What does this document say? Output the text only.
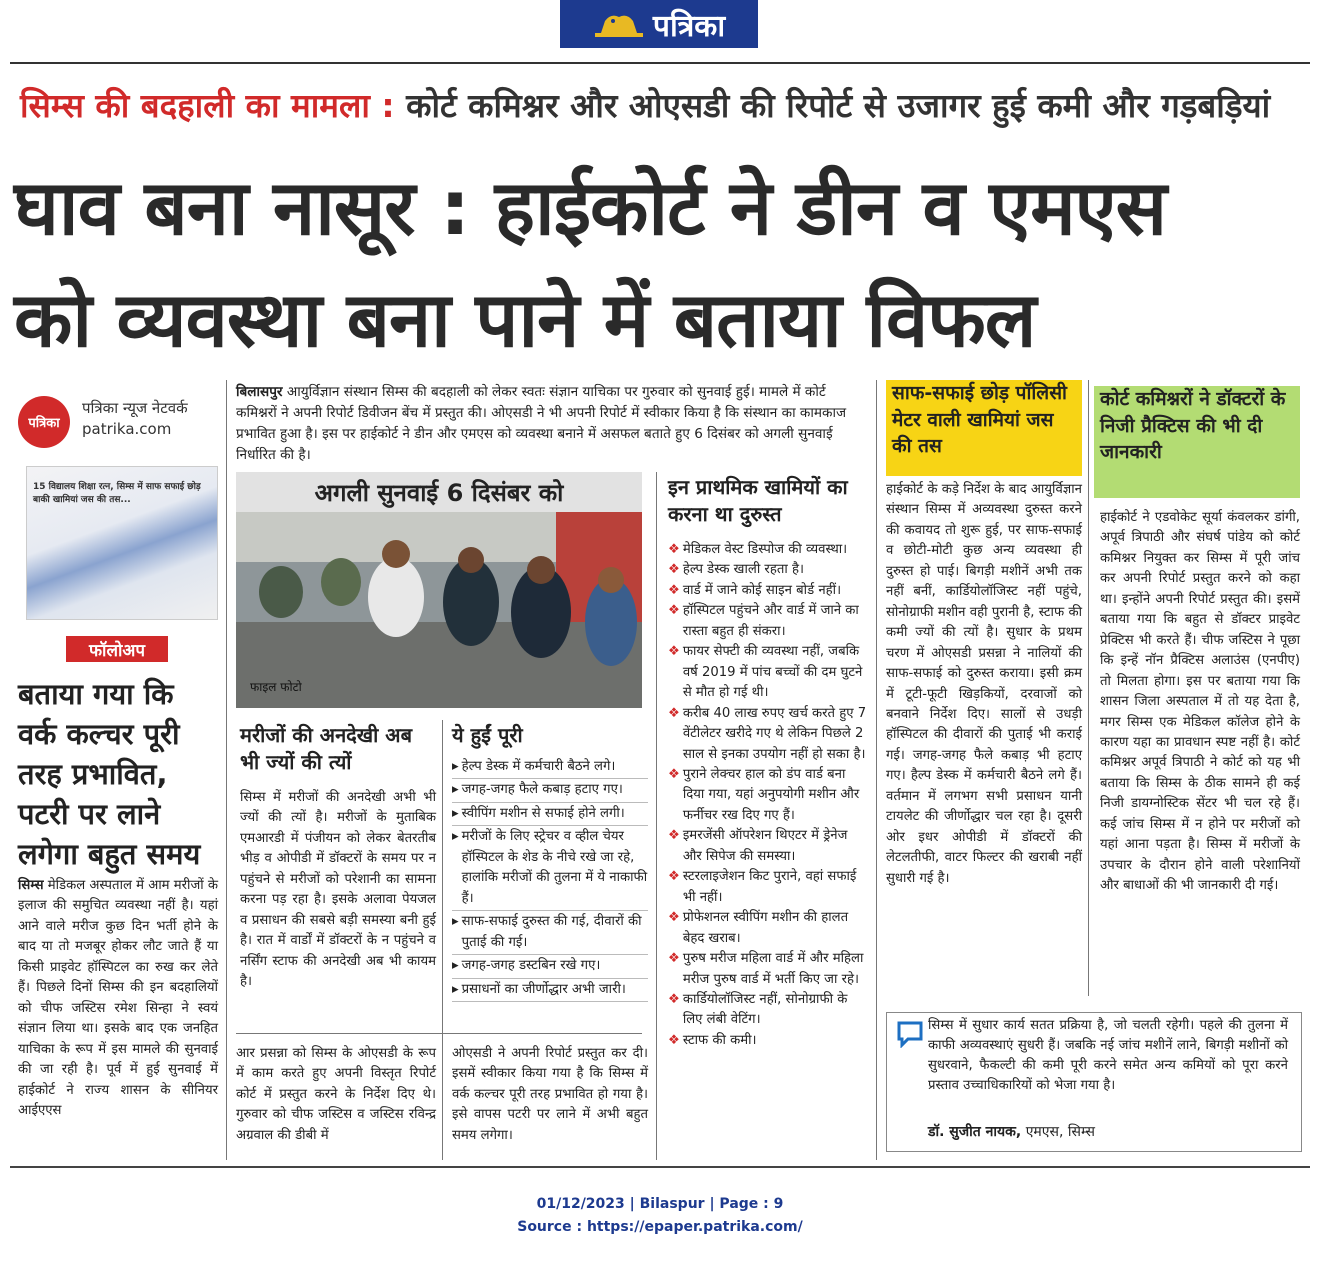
पत्रिका
सिम्स की बदहाली का मामला : कोर्ट कमिश्नर और ओएसडी की रिपोर्ट से उजागर हुई कमी और गड़बड़ियां
घाव बना नासूर : हाईकोर्ट ने डीन व एमएस
को व्यवस्था बना पाने में बताया विफल
पत्रिका
पत्रिका न्यूज नेटवर्क
patrika.com
15 विद्यालय शिक्षा रत्न, सिम्स में साफ सफाई छोड़ बाकी खामियां जस की तस...
फॉलोअप
बताया गया कि वर्क कल्चर पूरी तरह प्रभावित, पटरी पर लाने लगेगा बहुत समय
सिम्स मेडिकल अस्पताल में आम मरीजों के इलाज की समुचित व्यवस्था नहीं है। यहां आने वाले मरीज कुछ दिन भर्ती होने के बाद या तो मजबूर होकर लौट जाते हैं या किसी प्राइवेट हॉस्पिटल का रुख कर लेते हैं। पिछले दिनों सिम्स की इन बदहालियों को चीफ जस्टिस रमेश सिन्हा ने स्वयं संज्ञान लिया था। इसके बाद एक जनहित याचिका के रूप में इस मामले की सुनवाई की जा रही है। पूर्व में हुई सुनवाई में हाईकोर्ट ने राज्य शासन के सीनियर आईएएस
बिलासपुर आयुर्विज्ञान संस्थान सिम्स की बदहाली को लेकर स्वतः संज्ञान याचिका पर गुरुवार को सुनवाई हुई। मामले में कोर्ट कमिश्नरों ने अपनी रिपोर्ट डिवीजन बेंच में प्रस्तुत की। ओएसडी ने भी अपनी रिपोर्ट में स्वीकार किया है कि संस्थान का कामकाज प्रभावित हुआ है। इस पर हाईकोर्ट ने डीन और एमएस को व्यवस्था बनाने में असफल बताते हुए 6 दिसंबर को अगली सुनवाई निर्धारित की है।
अगली सुनवाई 6 दिसंबर को
फाइल फोटो
मरीजों की अनदेखी अब भी ज्यों की त्यों
सिम्स में मरीजों की अनदेखी अभी भी ज्यों की त्यों है। मरीजों के मुताबिक एमआरडी में पंजीयन को लेकर बेतरतीब भीड़ व ओपीडी में डॉक्टरों के समय पर न पहुंचने से मरीजों को परेशानी का सामना करना पड़ रहा है। इसके अलावा पेयजल व प्रसाधन की सबसे बड़ी समस्या बनी हुई है। रात में वार्डों में डॉक्टरों के न पहुंचने व नर्सिंग स्टाफ की अनदेखी अब भी कायम है।
आर प्रसन्ना को सिम्स के ओएसडी के रूप में काम करते हुए अपनी विस्तृत रिपोर्ट कोर्ट में प्रस्तुत करने के निर्देश दिए थे। गुरुवार को चीफ जस्टिस व जस्टिस रविन्द्र अग्रवाल की डीबी में
ये हुईं पूरी
▸ हेल्प डेस्क में कर्मचारी बैठने लगे।
▸ जगह-जगह फैले कबाड़ हटाए गए।
▸ स्वीपिंग मशीन से सफाई होने लगी।
▸ मरीजों के लिए स्ट्रेचर व व्हील चेयर हॉस्पिटल के शेड के नीचे रखे जा रहे, हालांकि मरीजों की तुलना में ये नाकाफी हैं।
▸ साफ-सफाई दुरुस्त की गई, दीवारों की पुताई की गई।
▸ जगह-जगह डस्टबिन रखे गए।
▸ प्रसाधनों का जीर्णोद्धार अभी जारी।
ओएसडी ने अपनी रिपोर्ट प्रस्तुत कर दी। इसमें स्वीकार किया गया है कि सिम्स में वर्क कल्चर पूरी तरह प्रभावित हो गया है। इसे वापस पटरी पर लाने में अभी बहुत समय लगेगा।
इन प्राथमिक खामियों का करना था दुरुस्त
❖ मेडिकल वेस्ट डिस्पोज की व्यवस्था।
❖ हेल्प डेस्क खाली रहता है।
❖ वार्ड में जाने कोई साइन बोर्ड नहीं।
❖ हॉस्पिटल पहुंचने और वार्ड में जाने का रास्ता बहुत ही संकरा।
❖ फायर सेफ्टी की व्यवस्था नहीं, जबकि वर्ष 2019 में पांच बच्चों की दम घुटने से मौत हो गई थी।
❖ करीब 40 लाख रुपए खर्च करते हुए 7 वेंटीलेटर खरीदे गए थे लेकिन पिछले 2 साल से इनका उपयोग नहीं हो सका है।
❖ पुराने लेक्चर हाल को डंप वार्ड बना दिया गया, यहां अनुपयोगी मशीन और फर्नीचर रख दिए गए हैं।
❖ इमरजेंसी ऑपरेशन थिएटर में ड्रेनेज और सिपेज की समस्या।
❖ स्टरलाइजेशन किट पुराने, वहां सफाई भी नहीं।
❖ प्रोफेशनल स्वीपिंग मशीन की हालत बेहद खराब।
❖ पुरुष मरीज महिला वार्ड में और महिला मरीज पुरुष वार्ड में भर्ती किए जा रहे।
❖ कार्डियोलॉजिस्ट नहीं, सोनोग्राफी के लिए लंबी वेटिंग।
❖ स्टाफ की कमी।
साफ-सफाई छोड़ पॉलिसी मेटर वाली खामियां जस की तस
हाईकोर्ट के कड़े निर्देश के बाद आयुर्विज्ञान संस्थान सिम्स में अव्यवस्था दुरुस्त करने की कवायद तो शुरू हुई, पर साफ-सफाई व छोटी-मोटी कुछ अन्य व्यवस्था ही दुरुस्त हो पाई। बिगड़ी मशीनें अभी तक नहीं बनीं, कार्डियोलॉजिस्ट नहीं पहुंचे, सोनोग्राफी मशीन वही पुरानी है, स्टाफ की कमी ज्यों की त्यों है। सुधार के प्रथम चरण में ओएसडी प्रसन्ना ने नालियों की साफ-सफाई को दुरुस्त कराया। इसी क्रम में टूटी-फूटी खिड़कियों, दरवाजों को बनवाने निर्देश दिए। सालों से उधड़ी हॉस्पिटल की दीवारों की पुताई भी कराई गई। जगह-जगह फैले कबाड़ भी हटाए गए। हैल्प डेस्क में कर्मचारी बैठने लगे हैं। वर्तमान में लगभग सभी प्रसाधन यानी टायलेट की जीर्णोद्धार चल रहा है। दूसरी ओर इधर ओपीडी में डॉक्टरों की लेटलतीफी, वाटर फिल्टर की खराबी नहीं सुधारी गई है।
कोर्ट कमिश्नरों ने डॉक्टरों के निजी प्रैक्टिस की भी दी जानकारी
हाईकोर्ट ने एडवोकेट सूर्या कंवलकर डांगी, अपूर्व त्रिपाठी और संघर्ष पांडेय को कोर्ट कमिश्नर नियुक्त कर सिम्स में पूरी जांच कर अपनी रिपोर्ट प्रस्तुत करने को कहा था। इन्होंने अपनी रिपोर्ट प्रस्तुत की। इसमें बताया गया कि बहुत से डॉक्टर प्राइवेट प्रेक्टिस भी करते हैं। चीफ जस्टिस ने पूछा कि इन्हें नॉन प्रैक्टिस अलाउंस (एनपीए) तो मिलता होगा। इस पर बताया गया कि शासन जिला अस्पताल में तो यह देता है, मगर सिम्स एक मेडिकल कॉलेज होने के कारण यहा का प्रावधान स्पष्ट नहीं है। कोर्ट कमिश्नर अपूर्व त्रिपाठी ने कोर्ट को यह भी बताया कि सिम्स के ठीक सामने ही कई निजी डायग्नोस्टिक सेंटर भी चल रहे हैं। कई जांच सिम्स में न होने पर मरीजों को यहां आना पड़ता है। सिम्स में मरीजों के उपचार के दौरान होने वाली परेशानियों और बाधाओं की भी जानकारी दी गई।
सिम्स में सुधार कार्य सतत प्रक्रिया है, जो चलती रहेगी। पहले की तुलना में काफी अव्यवस्थाएं सुधरी हैं। जबकि नई जांच मशीनें लाने, बिगड़ी मशीनों को सुधरवाने, फैकल्टी की कमी पूरी करने समेत अन्य कमियों को पूरा करने प्रस्ताव उच्चाधिकारियों को भेजा गया है।
डॉ. सुजीत नायक, एमएस, सिम्स
01/12/2023 | Bilaspur | Page : 9
Source : https://epaper.patrika.com/
